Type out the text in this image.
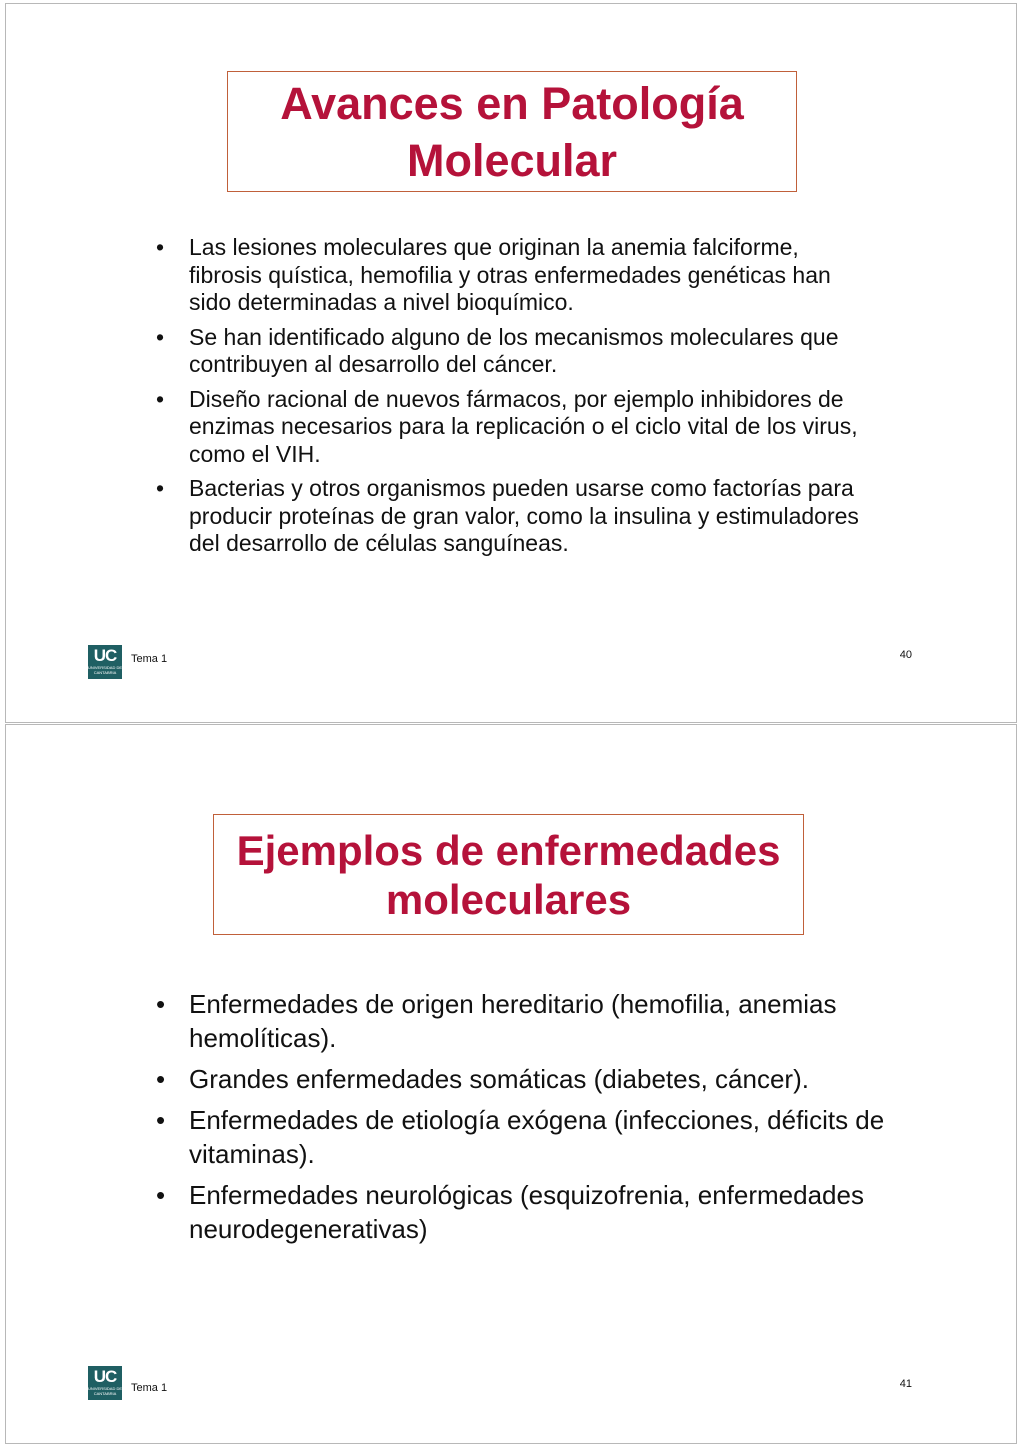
Avances en Patología
Molecular
• Las lesiones moleculares que originan la anemia falciforme, fibrosis quística, hemofilia y otras enfermedades genéticas han sido determinadas a nivel bioquímico.
• Se han identificado alguno de los mecanismos moleculares que contribuyen al desarrollo del cáncer.
• Diseño racional de nuevos fármacos, por ejemplo inhibidores de enzimas necesarios para la replicación o el ciclo vital de los virus, como el VIH.
• Bacterias y otros organismos pueden usarse como factorías para producir proteínas de gran valor, como la insulina y estimuladores del desarrollo de células sanguíneas.
UC
UNIVERSIDAD DE CANTABRIA
Tema 1	40
Ejemplos de enfermedades
moleculares
• Enfermedades de origen hereditario (hemofilia, anemias hemolíticas).
• Grandes enfermedades somáticas (diabetes, cáncer).
• Enfermedades de etiología exógena (infecciones, déficits de vitaminas).
• Enfermedades neurológicas (esquizofrenia, enfermedades neurodegenerativas)
UC
UNIVERSIDAD DE CANTABRIA	Tema 1	41
